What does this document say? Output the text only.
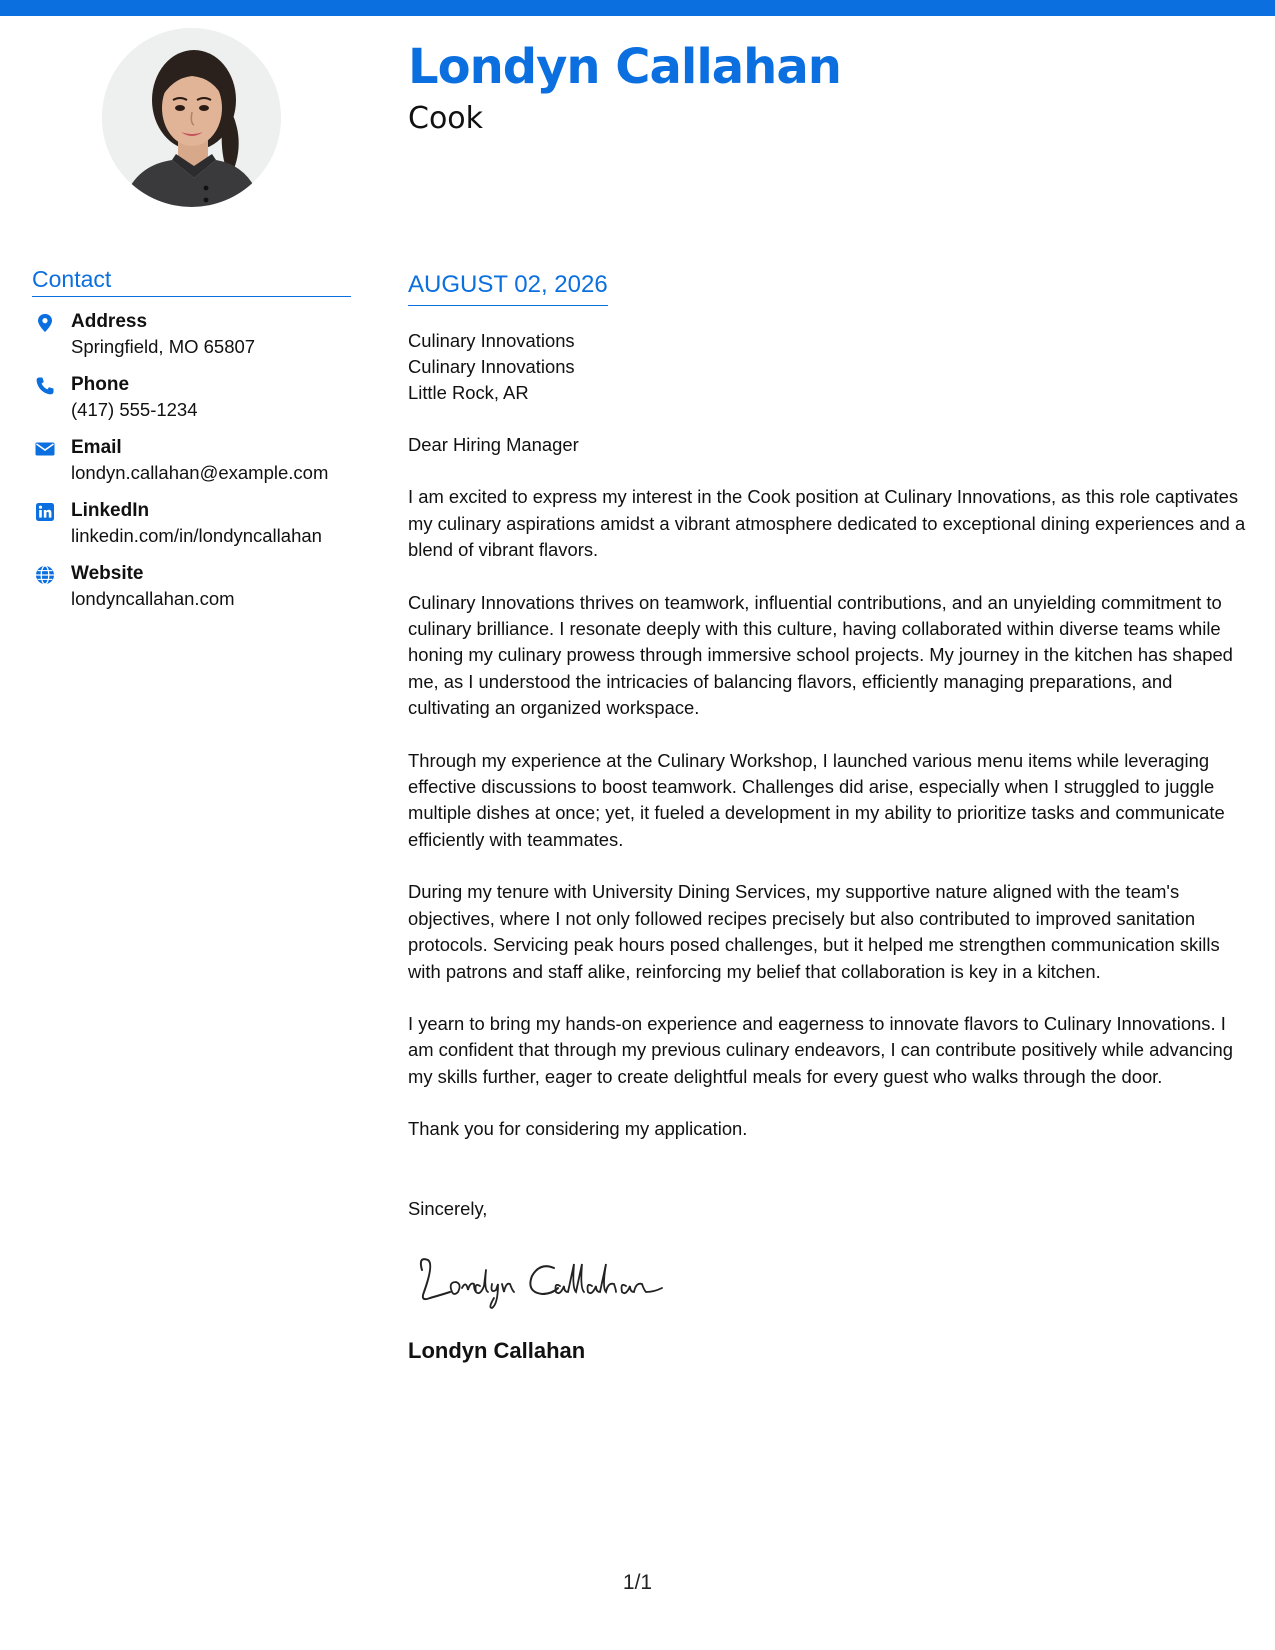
Londyn Callahan
Cook
Contact
Address
Springfield, MO 65807
Phone
(417) 555-1234
Email
londyn.callahan@example.com
LinkedIn
linkedin.com/in/londyncallahan
Website
londyncallahan.com
AUGUST 02, 2026
Culinary Innovations
Culinary Innovations
Little Rock, AR

Dear Hiring Manager

I am excited to express my interest in the Cook position at Culinary Innovations, as this role captivates my culinary aspirations amidst a vibrant atmosphere dedicated to exceptional dining experiences and a blend of vibrant flavors.

Culinary Innovations thrives on teamwork, influential contributions, and an unyielding commitment to culinary brilliance. I resonate deeply with this culture, having collaborated within diverse teams while honing my culinary prowess through immersive school projects. My journey in the kitchen has shaped me, as I understood the intricacies of balancing flavors, efficiently managing preparations, and cultivating an organized workspace.

Through my experience at the Culinary Workshop, I launched various menu items while leveraging effective discussions to boost teamwork. Challenges did arise, especially when I struggled to juggle multiple dishes at once; yet, it fueled a development in my ability to prioritize tasks and communicate efficiently with teammates.

During my tenure with University Dining Services, my supportive nature aligned with the team's objectives, where I not only followed recipes precisely but also contributed to improved sanitation protocols. Servicing peak hours posed challenges, but it helped me strengthen communication skills with patrons and staff alike, reinforcing my belief that collaboration is key in a kitchen.

I yearn to bring my hands-on experience and eagerness to innovate flavors to Culinary Innovations. I am confident that through my previous culinary endeavors, I can contribute positively while advancing my skills further, eager to create delightful meals for every guest who walks through the door.

Thank you for considering my application.

Sincerely,

Londyn Callahan

1/1
